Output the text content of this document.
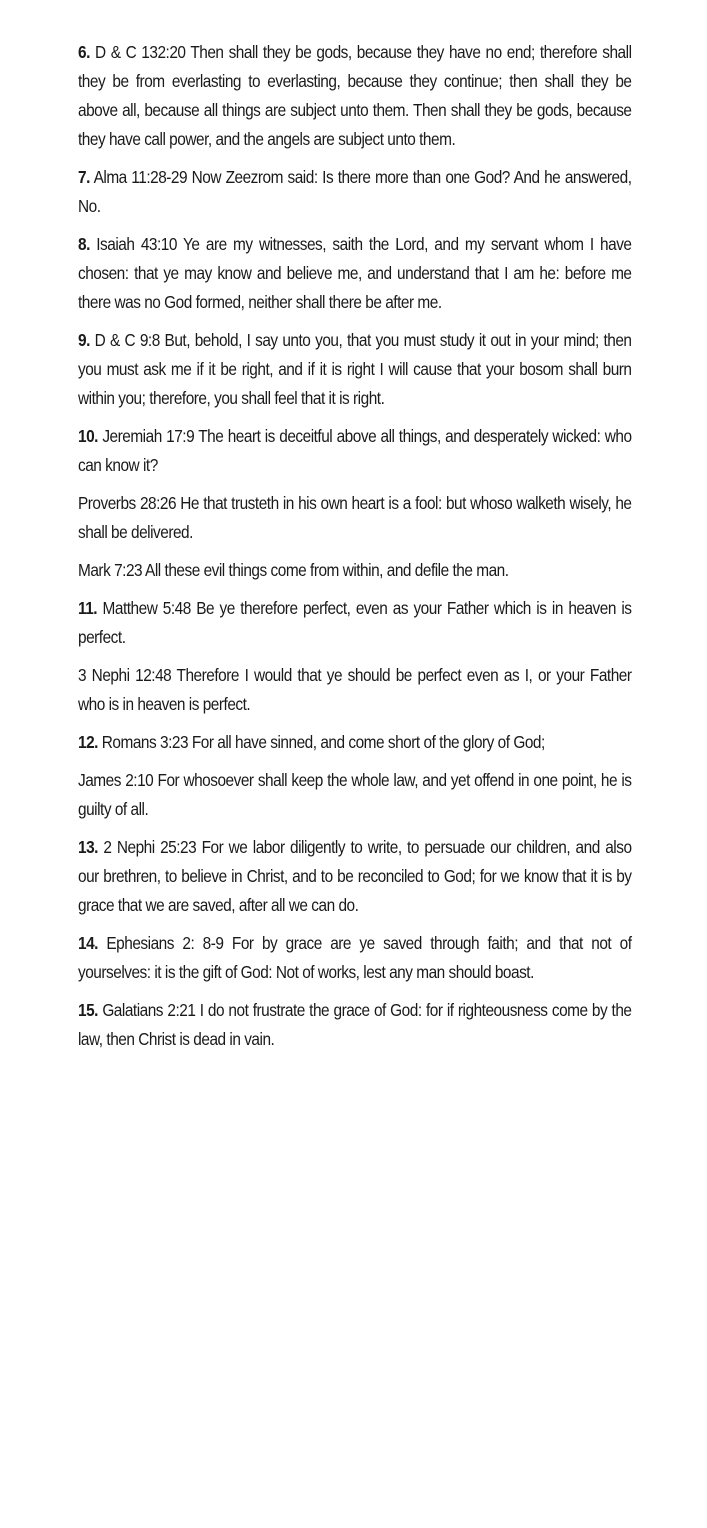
6. D & C 132:20 Then shall they be gods, because they have no end; therefore shall they be from everlasting to everlasting, because they continue; then shall they be above all, because all things are subject unto them. Then shall they be gods, because they have call power, and the angels are subject unto them.

7. Alma 11:28-29 Now Zeezrom said: Is there more than one God? And he answered, No.

8. Isaiah 43:10 Ye are my witnesses, saith the Lord, and my servant whom I have chosen: that ye may know and believe me, and understand that I am he: before me there was no God formed, neither shall there be after me.

9. D & C 9:8 But, behold, I say unto you, that you must study it out in your mind; then you must ask me if it be right, and if it is right I will cause that your bosom shall burn within you; therefore, you shall feel that it is right.

10. Jeremiah 17:9 The heart is deceitful above all things, and desperately wicked: who can know it?

Proverbs 28:26 He that trusteth in his own heart is a fool: but whoso walketh wisely, he shall be delivered.

Mark 7:23 All these evil things come from within, and defile the man.

11. Matthew 5:48 Be ye therefore perfect, even as your Father which is in heaven is perfect.

3 Nephi 12:48 Therefore I would that ye should be perfect even as I, or your Father who is in heaven is perfect.

12. Romans 3:23 For all have sinned, and come short of the glory of God;

James 2:10 For whosoever shall keep the whole law, and yet offend in one point, he is guilty of all.

13. 2 Nephi 25:23 For we labor diligently to write, to persuade our children, and also our brethren, to believe in Christ, and to be reconciled to God; for we know that it is by grace that we are saved, after all we can do.

14. Ephesians 2: 8-9 For by grace are ye saved through faith; and that not of yourselves: it is the gift of God: Not of works, lest any man should boast.

15. Galatians 2:21 I do not frustrate the grace of God: for if righteousness come by the law, then Christ is dead in vain.
